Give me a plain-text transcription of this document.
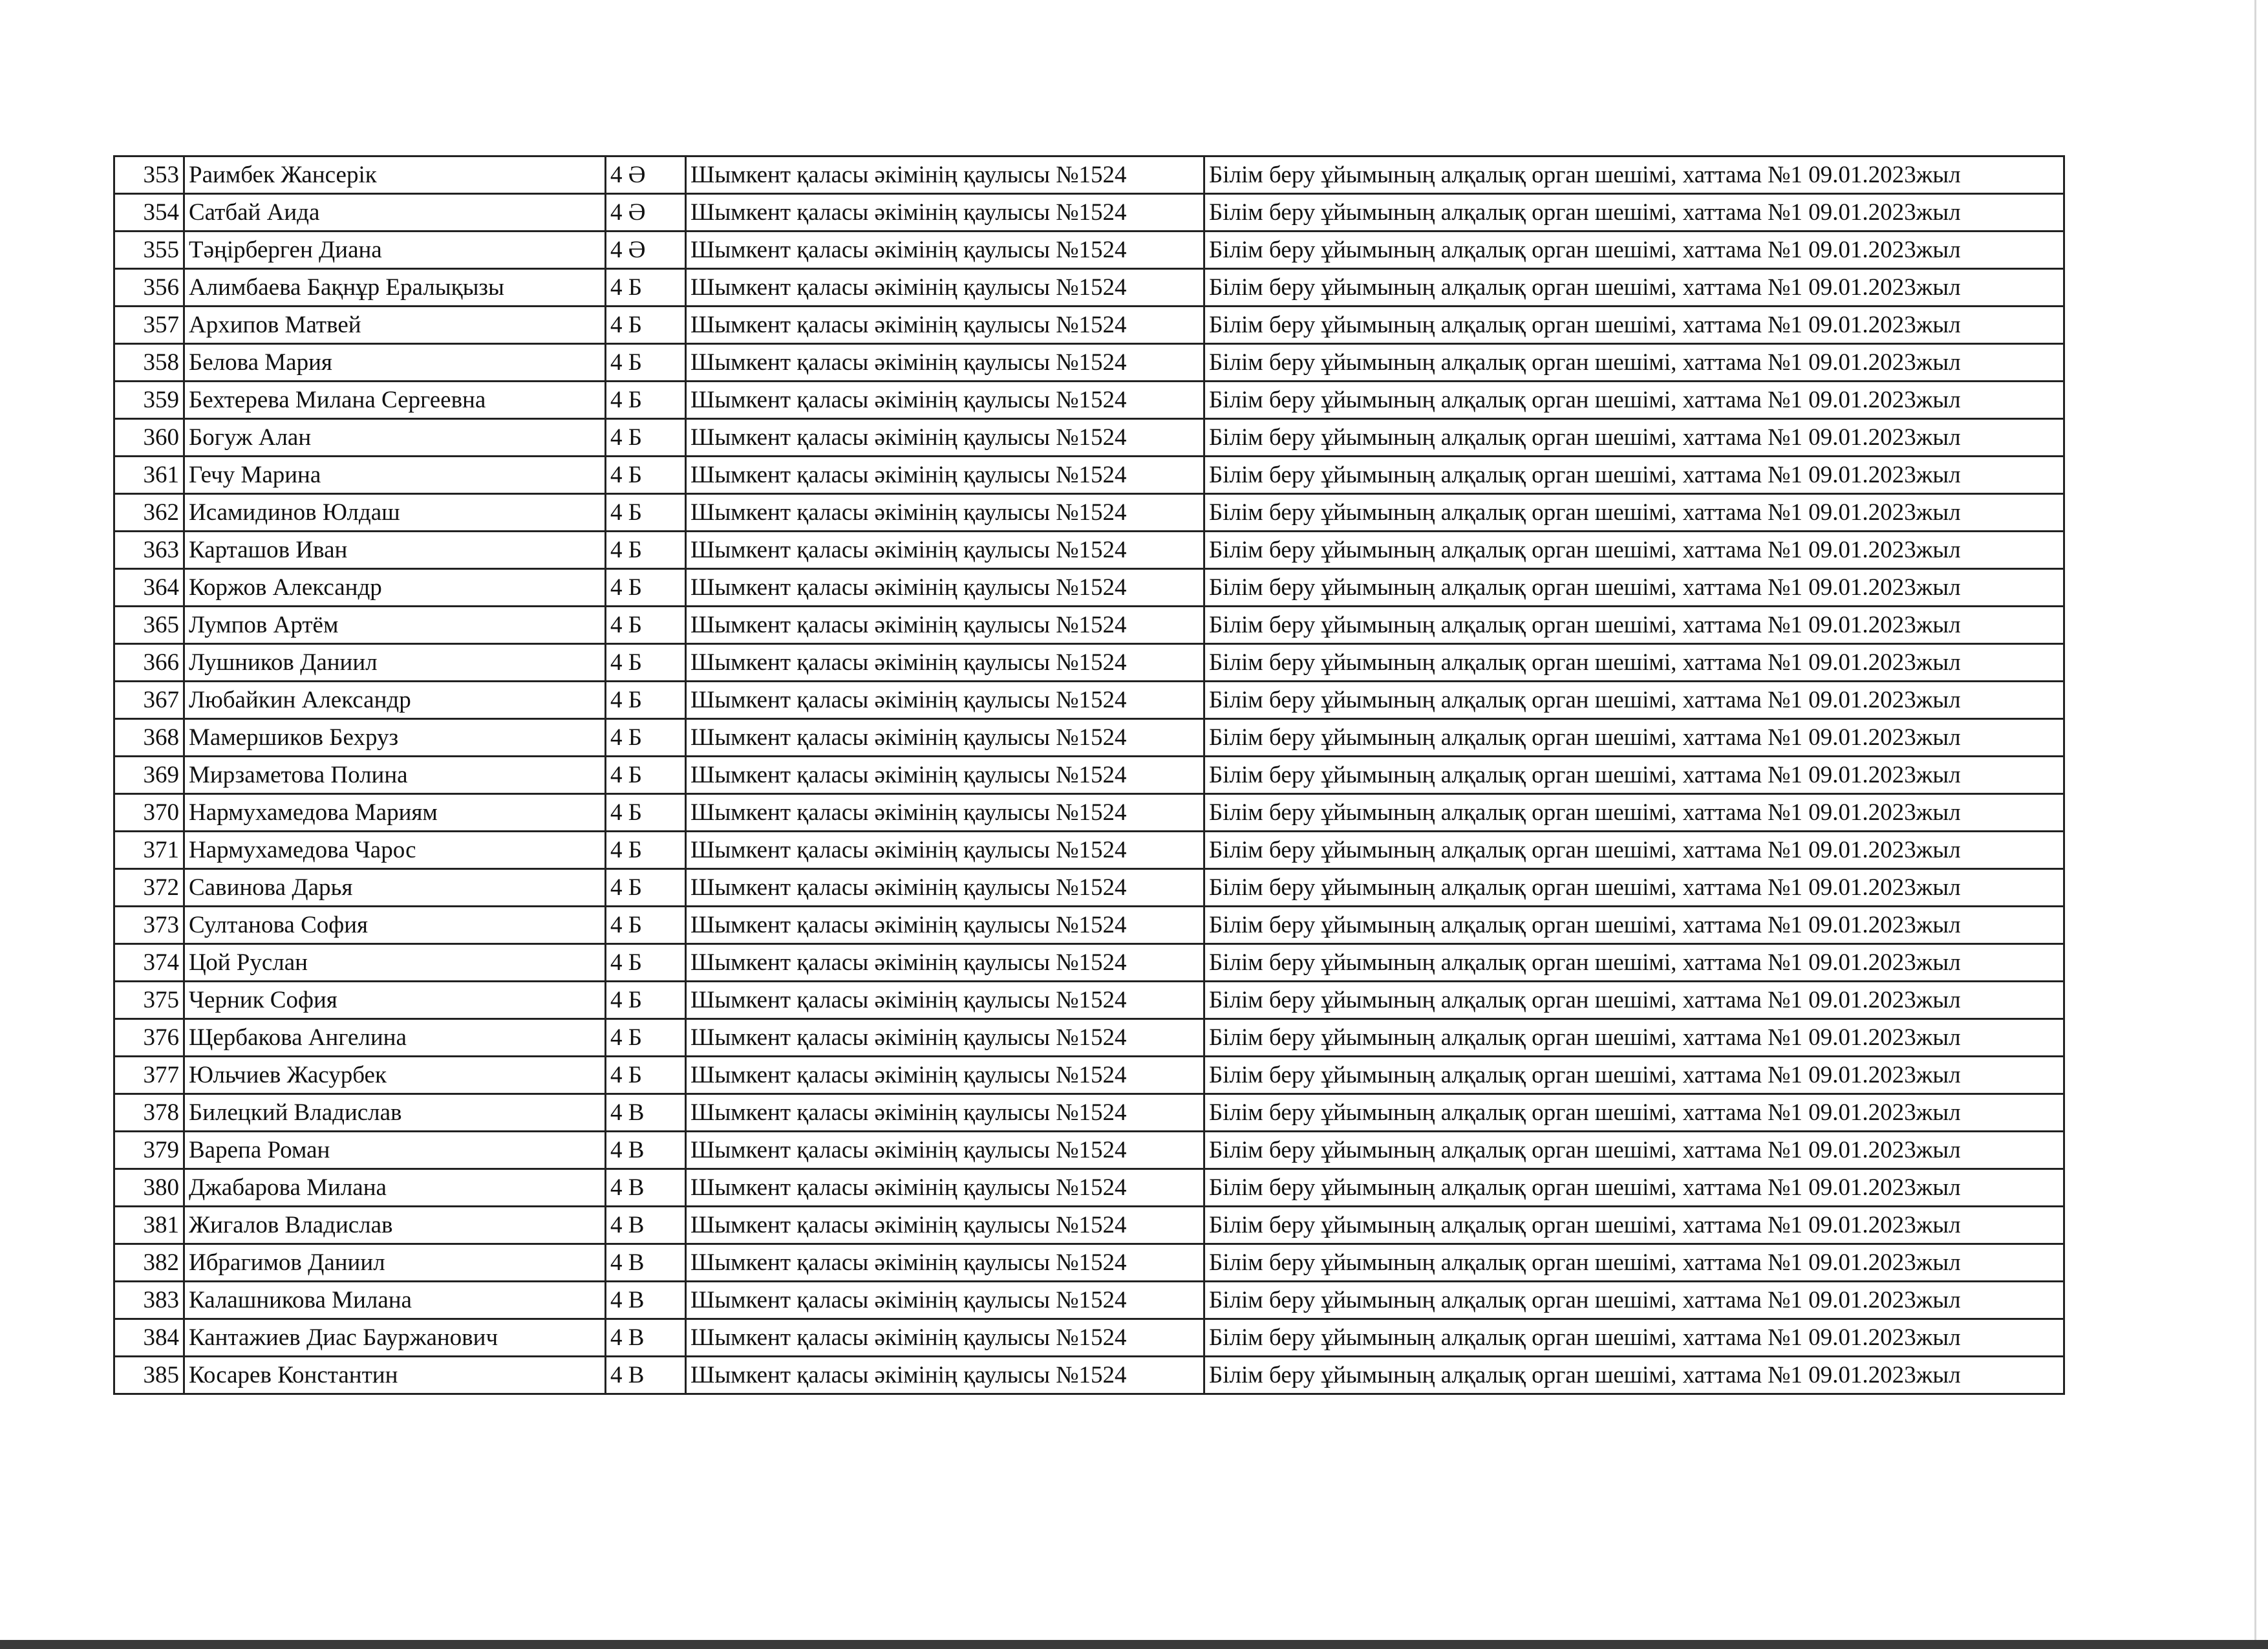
353	Раимбек Жансерік	4 Ә	Шымкент қаласы әкімінің қаулысы №1524	Білім беру ұйымының алқалық орган шешімі, хаттама №1 09.01.2023жыл
354	Сатбай Аида	4 Ә	Шымкент қаласы әкімінің қаулысы №1524	Білім беру ұйымының алқалық орган шешімі, хаттама №1 09.01.2023жыл
355	Тәңірберген Диана	4 Ә	Шымкент қаласы әкімінің қаулысы №1524	Білім беру ұйымының алқалық орган шешімі, хаттама №1 09.01.2023жыл
356	Алимбаева Бақнұр Ералықызы	4 Б	Шымкент қаласы әкімінің қаулысы №1524	Білім беру ұйымының алқалық орган шешімі, хаттама №1 09.01.2023жыл
357	Архипов Матвей	4 Б	Шымкент қаласы әкімінің қаулысы №1524	Білім беру ұйымының алқалық орган шешімі, хаттама №1 09.01.2023жыл
358	Белова Мария	4 Б	Шымкент қаласы әкімінің қаулысы №1524	Білім беру ұйымының алқалық орган шешімі, хаттама №1 09.01.2023жыл
359	Бехтерева Милана Сергеевна	4 Б	Шымкент қаласы әкімінің қаулысы №1524	Білім беру ұйымының алқалық орган шешімі, хаттама №1 09.01.2023жыл
360	Богуж Алан	4 Б	Шымкент қаласы әкімінің қаулысы №1524	Білім беру ұйымының алқалық орган шешімі, хаттама №1 09.01.2023жыл
361	Гечу Марина	4 Б	Шымкент қаласы әкімінің қаулысы №1524	Білім беру ұйымының алқалық орган шешімі, хаттама №1 09.01.2023жыл
362	Исамидинов Юлдаш	4 Б	Шымкент қаласы әкімінің қаулысы №1524	Білім беру ұйымының алқалық орган шешімі, хаттама №1 09.01.2023жыл
363	Карташов Иван	4 Б	Шымкент қаласы әкімінің қаулысы №1524	Білім беру ұйымының алқалық орган шешімі, хаттама №1 09.01.2023жыл
364	Коржов Александр	4 Б	Шымкент қаласы әкімінің қаулысы №1524	Білім беру ұйымының алқалық орган шешімі, хаттама №1 09.01.2023жыл
365	Лумпов Артём	4 Б	Шымкент қаласы әкімінің қаулысы №1524	Білім беру ұйымының алқалық орган шешімі, хаттама №1 09.01.2023жыл
366	Лушников Даниил	4 Б	Шымкент қаласы әкімінің қаулысы №1524	Білім беру ұйымының алқалық орган шешімі, хаттама №1 09.01.2023жыл
367	Любайкин Александр	4 Б	Шымкент қаласы әкімінің қаулысы №1524	Білім беру ұйымының алқалық орган шешімі, хаттама №1 09.01.2023жыл
368	Мамершиков Бехруз	4 Б	Шымкент қаласы әкімінің қаулысы №1524	Білім беру ұйымының алқалық орган шешімі, хаттама №1 09.01.2023жыл
369	Мирзаметова Полина	4 Б	Шымкент қаласы әкімінің қаулысы №1524	Білім беру ұйымының алқалық орган шешімі, хаттама №1 09.01.2023жыл
370	Нармухамедова Мариям	4 Б	Шымкент қаласы әкімінің қаулысы №1524	Білім беру ұйымының алқалық орган шешімі, хаттама №1 09.01.2023жыл
371	Нармухамедова Чарос	4 Б	Шымкент қаласы әкімінің қаулысы №1524	Білім беру ұйымының алқалық орган шешімі, хаттама №1 09.01.2023жыл
372	Савинова Дарья	4 Б	Шымкент қаласы әкімінің қаулысы №1524	Білім беру ұйымының алқалық орган шешімі, хаттама №1 09.01.2023жыл
373	Султанова София	4 Б	Шымкент қаласы әкімінің қаулысы №1524	Білім беру ұйымының алқалық орган шешімі, хаттама №1 09.01.2023жыл
374	Цой Руслан	4 Б	Шымкент қаласы әкімінің қаулысы №1524	Білім беру ұйымының алқалық орган шешімі, хаттама №1 09.01.2023жыл
375	Черник София	4 Б	Шымкент қаласы әкімінің қаулысы №1524	Білім беру ұйымының алқалық орган шешімі, хаттама №1 09.01.2023жыл
376	Щербакова Ангелина	4 Б	Шымкент қаласы әкімінің қаулысы №1524	Білім беру ұйымының алқалық орган шешімі, хаттама №1 09.01.2023жыл
377	Юльчиев Жасурбек	4 Б	Шымкент қаласы әкімінің қаулысы №1524	Білім беру ұйымының алқалық орган шешімі, хаттама №1 09.01.2023жыл
378	Билецкий Владислав	4 В	Шымкент қаласы әкімінің қаулысы №1524	Білім беру ұйымының алқалық орган шешімі, хаттама №1 09.01.2023жыл
379	Варепа Роман	4 В	Шымкент қаласы әкімінің қаулысы №1524	Білім беру ұйымының алқалық орган шешімі, хаттама №1 09.01.2023жыл
380	Джабарова Милана	4 В	Шымкент қаласы әкімінің қаулысы №1524	Білім беру ұйымының алқалық орган шешімі, хаттама №1 09.01.2023жыл
381	Жигалов Владислав	4 В	Шымкент қаласы әкімінің қаулысы №1524	Білім беру ұйымының алқалық орган шешімі, хаттама №1 09.01.2023жыл
382	Ибрагимов Даниил	4 В	Шымкент қаласы әкімінің қаулысы №1524	Білім беру ұйымының алқалық орган шешімі, хаттама №1 09.01.2023жыл
383	Калашникова Милана	4 В	Шымкент қаласы әкімінің қаулысы №1524	Білім беру ұйымының алқалық орган шешімі, хаттама №1 09.01.2023жыл
384	Кантажиев Диас Бауржанович	4 В	Шымкент қаласы әкімінің қаулысы №1524	Білім беру ұйымының алқалық орган шешімі, хаттама №1 09.01.2023жыл
385	Косарев Константин	4 В	Шымкент қаласы әкімінің қаулысы №1524	Білім беру ұйымының алқалық орган шешімі, хаттама №1 09.01.2023жыл
